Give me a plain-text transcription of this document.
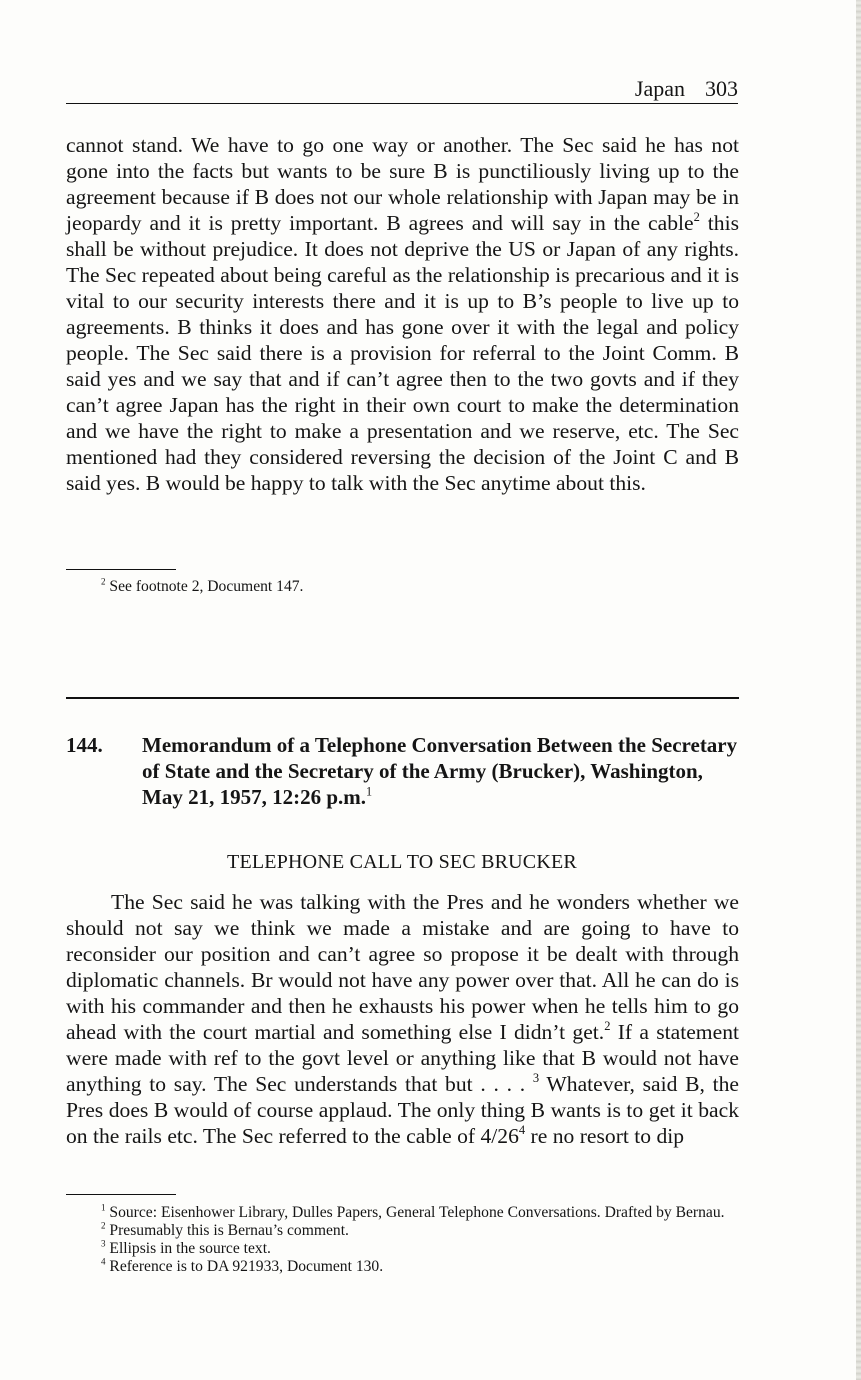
Japan 303

cannot stand. We have to go one way or another. The Sec said he has not gone into the facts but wants to be sure B is punctiliously living up to the agreement because if B does not our whole relationship with Japan may be in jeopardy and it is pretty important. B agrees and will say in the cable$^2$ this shall be without prejudice. It does not deprive the US or Japan of any rights. The Sec repeated about being careful as the relationship is precarious and it is vital to our security interests there and it is up to B’s people to live up to agreements. B thinks it does and has gone over it with the legal and policy people. The Sec said there is a provision for referral to the Joint Comm. B said yes and we say that and if can’t agree then to the two govts and if they can’t agree Japan has the right in their own court to make the determination and we have the right to make a presentation and we reserve, etc. The Sec mentioned had they considered reversing the decision of the Joint C and B said yes. B would be happy to talk with the Sec anytime about this.

$^2$ See footnote 2, Document 147.

144. Memorandum of a Telephone Conversation Between the Secretary of State and the Secretary of the Army (Brucker), Washington, May 21, 1957, 12:26 p.m.$^1$
TELEPHONE CALL TO SEC BRUCKER

The Sec said he was talking with the Pres and he wonders whether we should not say we think we made a mistake and are going to have to reconsider our position and can’t agree so propose it be dealt with through diplomatic channels. Br would not have any power over that. All he can do is with his commander and then he exhausts his power when he tells him to go ahead with the court martial and something else I didn’t get.$^2$ If a statement were made with ref to the govt level or anything like that B would not have anything to say. The Sec understands that but . . . . $^3$ Whatever, said B, the Pres does B would of course applaud. The only thing B wants is to get it back on the rails etc. The Sec referred to the cable of $4/26^4$ re no resort to dip

$^1$ Source: Eisenhower Library, Dulles Papers, General Telephone Conversations. Drafted by Bernau.

$^2$ Presumably this is Bernau’s comment.

$^3$ Ellipsis in the source text.

$^4$ Reference is to DA 921933, Document 130.
